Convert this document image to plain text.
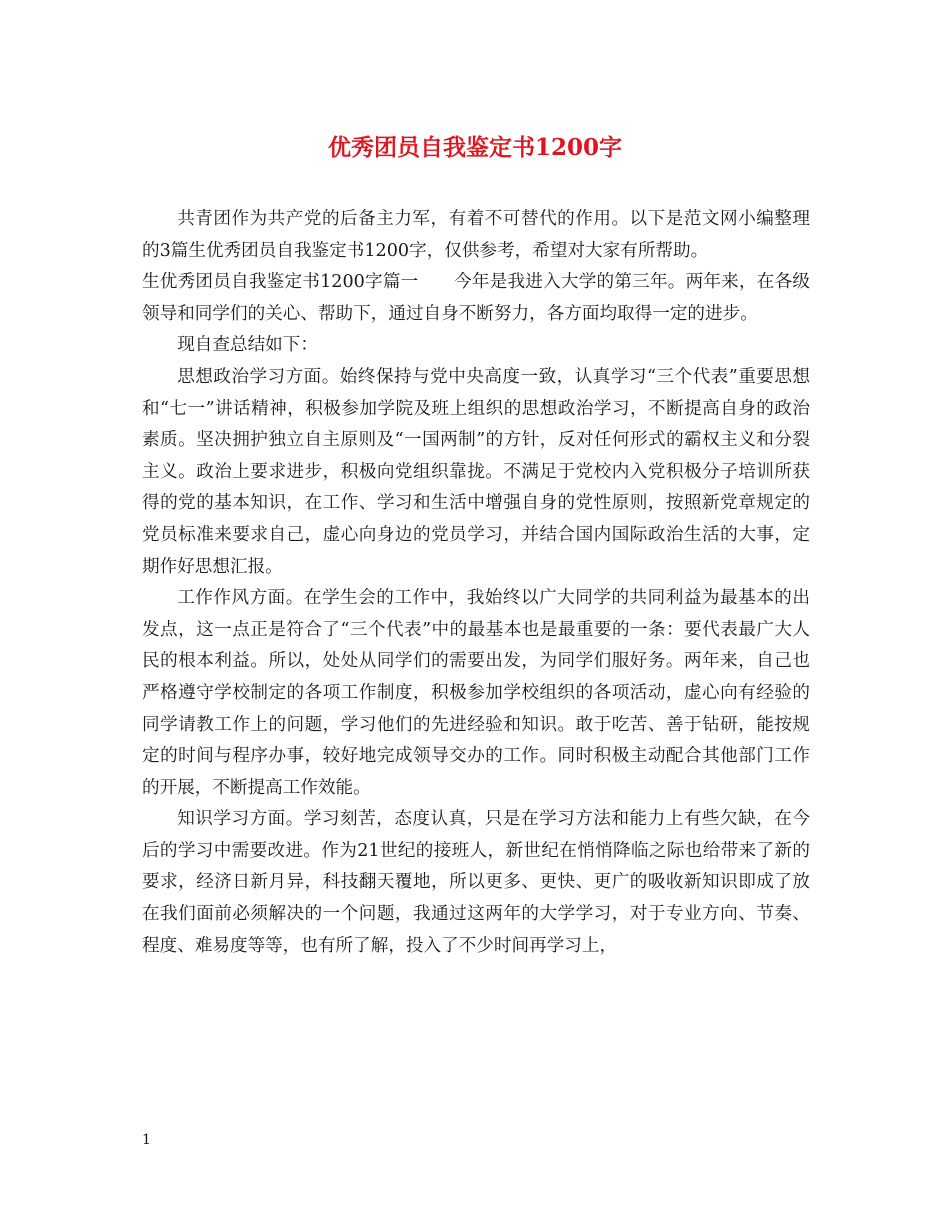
优秀团员自我鉴定书1200字

共青团作为共产党的后备主力军，有着不可替代的作用。以下是范文网小编整理的3篇生优秀团员自我鉴定书1200字，仅供参考，希望对大家有所帮助。

生优秀团员自我鉴定书1200字篇一　　今年是我进入大学的第三年。两年来，在各级领导和同学们的关心、帮助下，通过自身不断努力，各方面均取得一定的进步。

现自查总结如下：

思想政治学习方面。始终保持与党中央高度一致，认真学习“三个代表”重要思想和“七一”讲话精神，积极参加学院及班上组织的思想政治学习，不断提高自身的政治素质。坚决拥护独立自主原则及“一国两制”的方针，反对任何形式的霸权主义和分裂主义。政治上要求进步，积极向党组织靠拢。不满足于党校内入党积极分子培训所获得的党的基本知识，在工作、学习和生活中增强自身的党性原则，按照新党章规定的党员标准来要求自己，虚心向身边的党员学习，并结合国内国际政治生活的大事，定期作好思想汇报。

工作作风方面。在学生会的工作中，我始终以广大同学的共同利益为最基本的出发点，这一点正是符合了“三个代表”中的最基本也是最重要的一条：要代表最广大人民的根本利益。所以，处处从同学们的需要出发，为同学们服好务。两年来，自己也严格遵守学校制定的各项工作制度，积极参加学校组织的各项活动，虚心向有经验的同学请教工作上的问题，学习他们的先进经验和知识。敢于吃苦、善于钻研，能按规定的时间与程序办事，较好地完成领导交办的工作。同时积极主动配合其他部门工作的开展，不断提高工作效能。

知识学习方面。学习刻苦，态度认真，只是在学习方法和能力上有些欠缺，在今后的学习中需要改进。作为21世纪的接班人，新世纪在悄悄降临之际也给带来了新的要求，经济日新月异，科技翻天覆地，所以更多、更快、更广的吸收新知识即成了放在我们面前必须解决的一个问题，我通过这两年的大学学习，对于专业方向、节奏、程度、难易度等等，也有所了解，投入了不少时间再学习上，

1
